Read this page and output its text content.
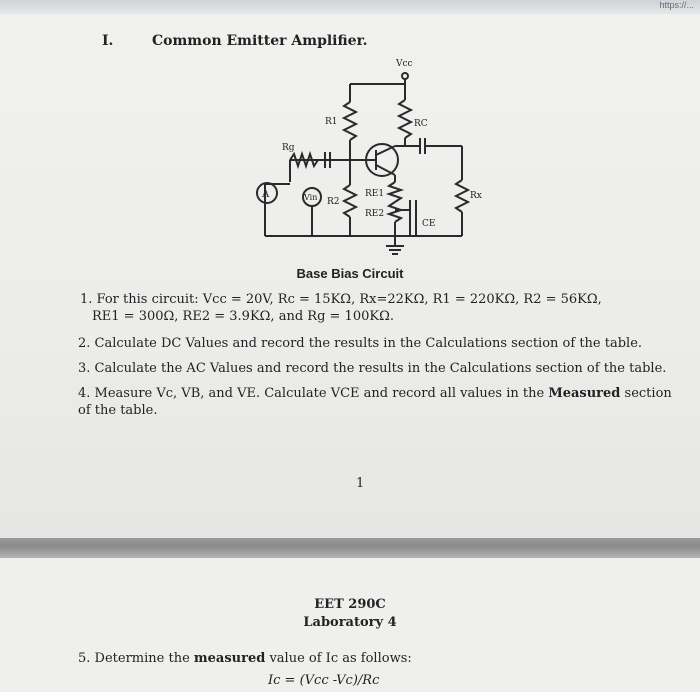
https://...
I.	Common Emitter Amplifier.
Vcc
RC
R1
Rg
R2
RE1
RE2
Rx
CE
Vin
A
Base Bias Circuit
1. For this circuit: Vcc = 20V, Rc = 15KΩ, Rx=22KΩ, R1 = 220KΩ, R2 = 56KΩ,
RE1 = 300Ω, RE2 = 3.9KΩ, and Rg = 100KΩ.
2. Calculate DC Values and record the results in the Calculations section of the table.
3. Calculate the AC Values and record the results in the Calculations section of the table.
4. Measure Vc, VB, and VE. Calculate VCE and record all values in the Measured section
of the table.
1
EET 290C
Laboratory 4
5. Determine the measured value of Ic as follows:
Ic = (Vcc -Vc)/Rc
